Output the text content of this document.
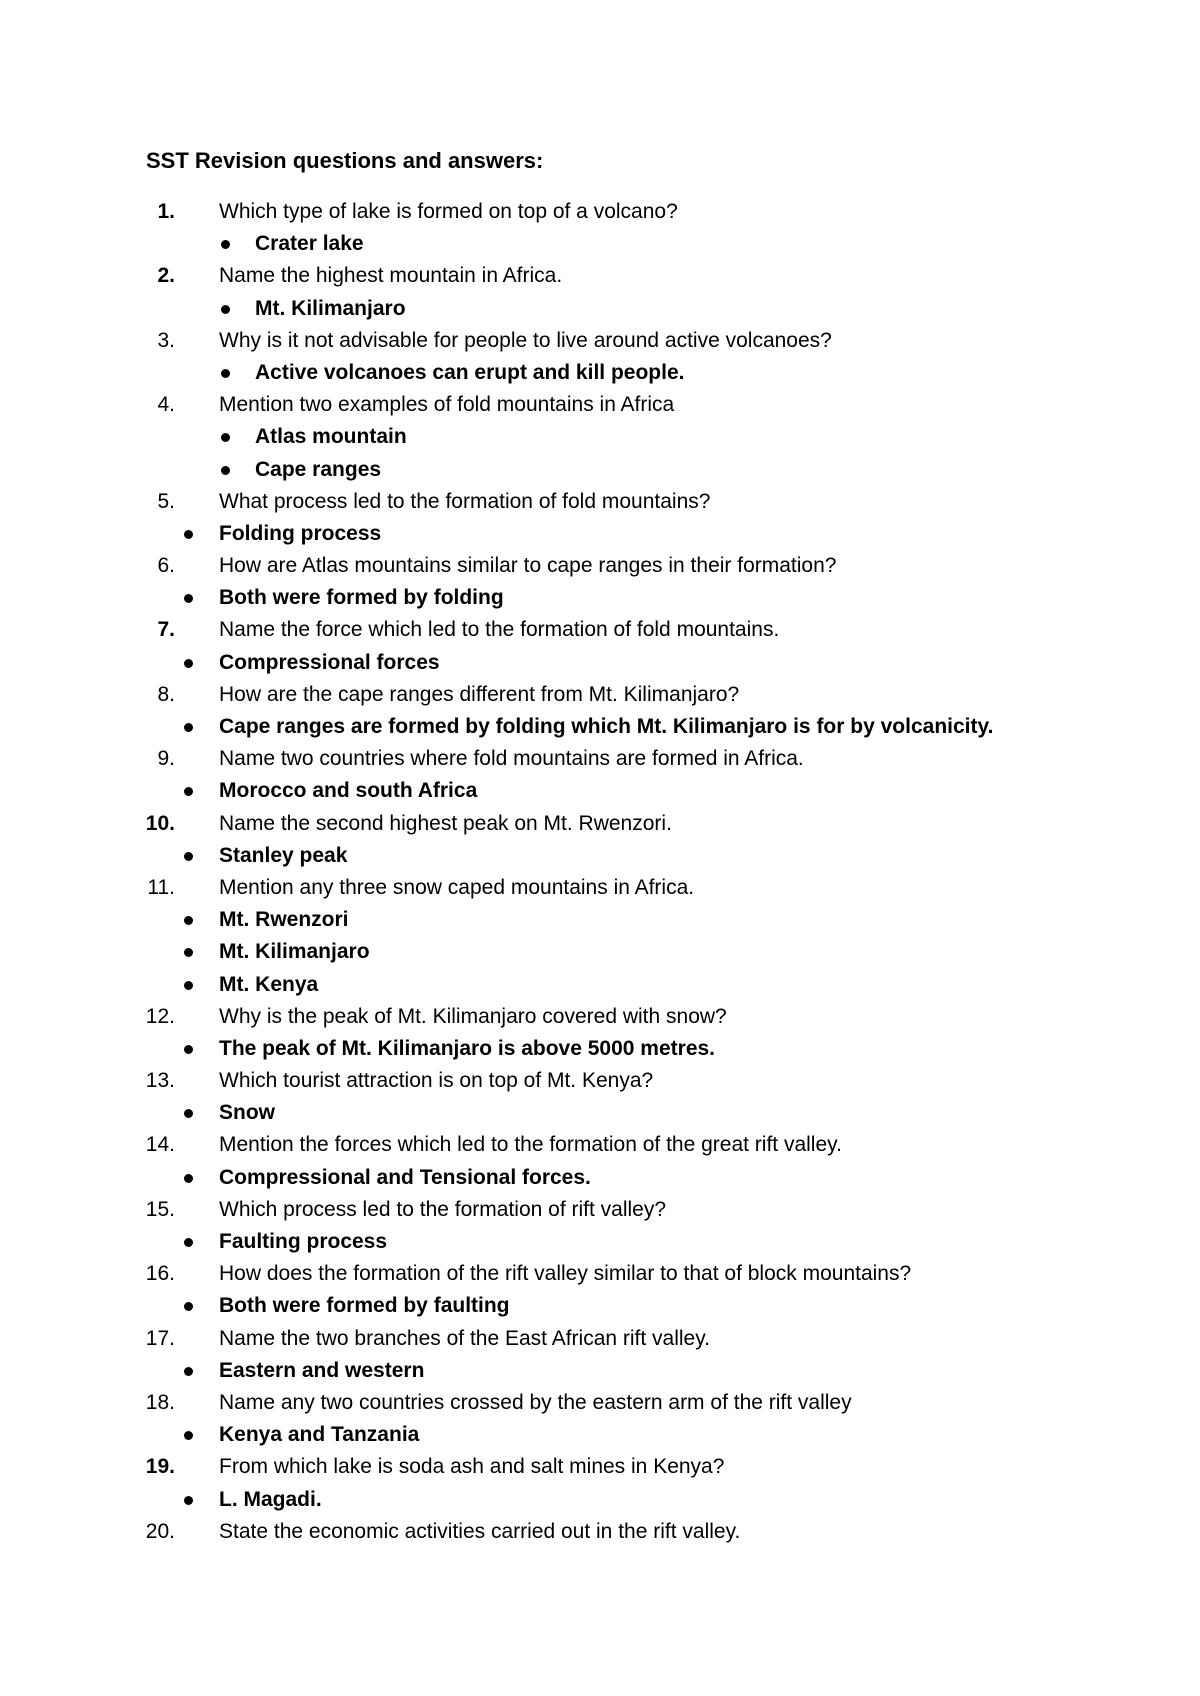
SST Revision questions and answers:
1. Which type of lake is formed on top of a volcano?
Crater lake
2. Name the highest mountain in Africa.
Mt. Kilimanjaro
3. Why is it not advisable for people to live around active volcanoes?
Active volcanoes can erupt and kill people.
4. Mention two examples of fold mountains in Africa
Atlas mountain
Cape ranges
5. What process led to the formation of fold mountains?
Folding process
6. How are Atlas mountains similar to cape ranges in their formation?
Both were formed by folding
7. Name the force which led to the formation of fold mountains.
Compressional forces
8. How are the cape ranges different from Mt. Kilimanjaro?
Cape ranges are formed by folding which Mt. Kilimanjaro is for by volcanicity.
9. Name two countries where fold mountains are formed in Africa.
Morocco and south Africa
10. Name the second highest peak on Mt. Rwenzori.
Stanley peak
11. Mention any three snow caped mountains in Africa.
Mt. Rwenzori
Mt. Kilimanjaro
Mt. Kenya
12. Why is the peak of Mt. Kilimanjaro covered with snow?
The peak of Mt. Kilimanjaro is above 5000 metres.
13. Which tourist attraction is on top of Mt. Kenya?
Snow
14. Mention the forces which led to the formation of the great rift valley.
Compressional and Tensional forces.
15. Which process led to the formation of rift valley?
Faulting process
16. How does the formation of the rift valley similar to that of block mountains?
Both were formed by faulting
17. Name the two branches of the East African rift valley.
Eastern and western
18. Name any two countries crossed by the eastern arm of the rift valley
Kenya and Tanzania
19. From which lake is soda ash and salt mines in Kenya?
L. Magadi.
20. State the economic activities carried out in the rift valley.
